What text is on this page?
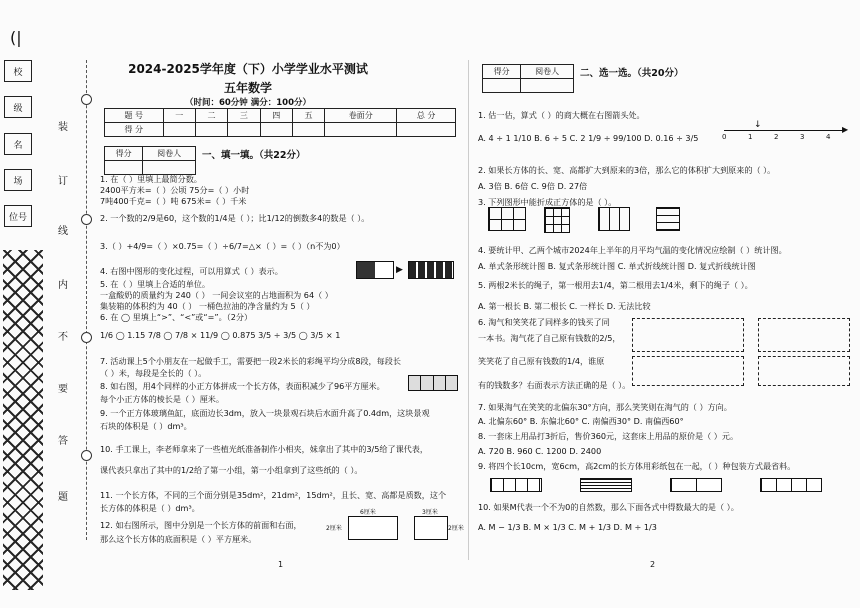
(|
校
级
名
场
位号
装
订
线
内
不
要
答
题
2024-2025学年度（下）小学学业水平测试
五年数学
（时间：60分钟 满分：100分）
题 号	一	二	三	四	五	卷面分	总 分
得 分							
得分	阅卷人
	一、填一填。（共22分）
1. 在（ ）里填上最简分数。
2400平方米=（ ）公顷 75分=（ ）小时
7吨400千克=（ ）吨 675米=（ ）千米
2. 一个数的2/9是60，这个数的1/4是（ ）；比1/12的倒数多4的数是（ ）。
3.（ ）+4/9=（ ）×0.75=（ ）÷6/7=△×（ ）=（ ）（n不为0）
4. 右图中图形的变化过程，可以用算式（ ）表示。
5. 在（ ）里填上合适的单位。
一盒酸奶的质量约为 240（ ） 一间会议室的占地面积为 64（ ）
集装箱的体积约为 40（ ） 一桶色拉油的净含量约为 5（ ）
6. 在 ◯ 里填上“>”、“<”或“=”。（2分）
1/6 ◯ 1.15 7/8 ◯ 7/8 × 11/9 ◯ 0.875 3/5 ÷ 3/5 ◯ 3/5 × 1
7. 活动课上5个小朋友在一起做手工，需要把一段2米长的彩绳平均分成8段，每段长
（ ）米，每段是全长的（ ）。
8. 如右图，用4个同样的小正方体拼成一个长方体，表面积减少了96平方厘米。
每个小正方体的棱长是（ ）厘米。
9. 一个正方体玻璃鱼缸，底面边长3dm，放入一块景观石块后水面升高了0.4dm，这块景观
石块的体积是（ ）dm³。
10. 手工课上，李老师拿来了一些植光纸准备制作小相夹，妹拿出了其中的3/5给了课代表，
课代表只拿出了其中的1/2给了第一小组，第一小组拿到了这些纸的（ ）。
11. 一个长方体，不同的三个面分别是35dm²，21dm²，15dm²，且长、宽、高都是质数，这个
长方体的体积是（ ）dm³。
12. 如右图所示，图中分别是一个长方体的前面和右面，
那么这个长方体的底面积是（ ）平方厘米。
▶
6厘米
2厘米
3厘米
2厘米
1
得分	阅卷人
	二、选一选。（共20分）
1. 估一估，算式（ ）的商大概在右图箭头处。
A. 4 ÷ 1 1/10 B. 6 ÷ 5 C. 2 1/9 ÷ 99/100 D. 0.16 ÷ 3/5
▶
↓
0	1	2	3	4
2. 如果长方体的长、宽、高都扩大到原来的3倍，那么它的体积扩大到原来的（ ）。
A. 3倍 B. 6倍 C. 9倍 D. 27倍
3. 下列图形中能折成正方体的是（ ）。
4. 要统计甲、乙两个城市2024年上半年的月平均气温的变化情况应绘制（ ）统计图。
A. 单式条形统计图 B. 复式条形统计图 C. 单式折线统计图 D. 复式折线统计图
5. 两根2米长的绳子，第一根用去1/4，第二根用去1/4米，剩下的绳子（ ）。
A. 第一根长 B. 第二根长 C. 一样长 D. 无法比较
6. 淘气和笑笑花了同样多的钱买了同
一本书。淘气花了自己原有钱数的2/5，
笑笑花了自己原有钱数的1/4，谁原
有的钱数多？右面表示方法正确的是（ ）。
7. 如果淘气在笑笑的北偏东30°方向，那么笑笑则在淘气的（ ）方向。
A. 北偏东60° B. 东偏北60° C. 南偏西30° D. 南偏西60°
8. 一套床上用品打3折后，售价360元，这套床上用品的原价是（ ）元。
A. 720 B. 960 C. 1200 D. 2400
9. 将四个长10cm，宽6cm，高2cm的长方体用彩纸包在一起，（ ）种包装方式最省料。
10. 如果M代表一个不为0的自然数，那么下面各式中得数最大的是（ ）。
A. M − 1/3 B. M × 1/3 C. M + 1/3 D. M ÷ 1/3
2
